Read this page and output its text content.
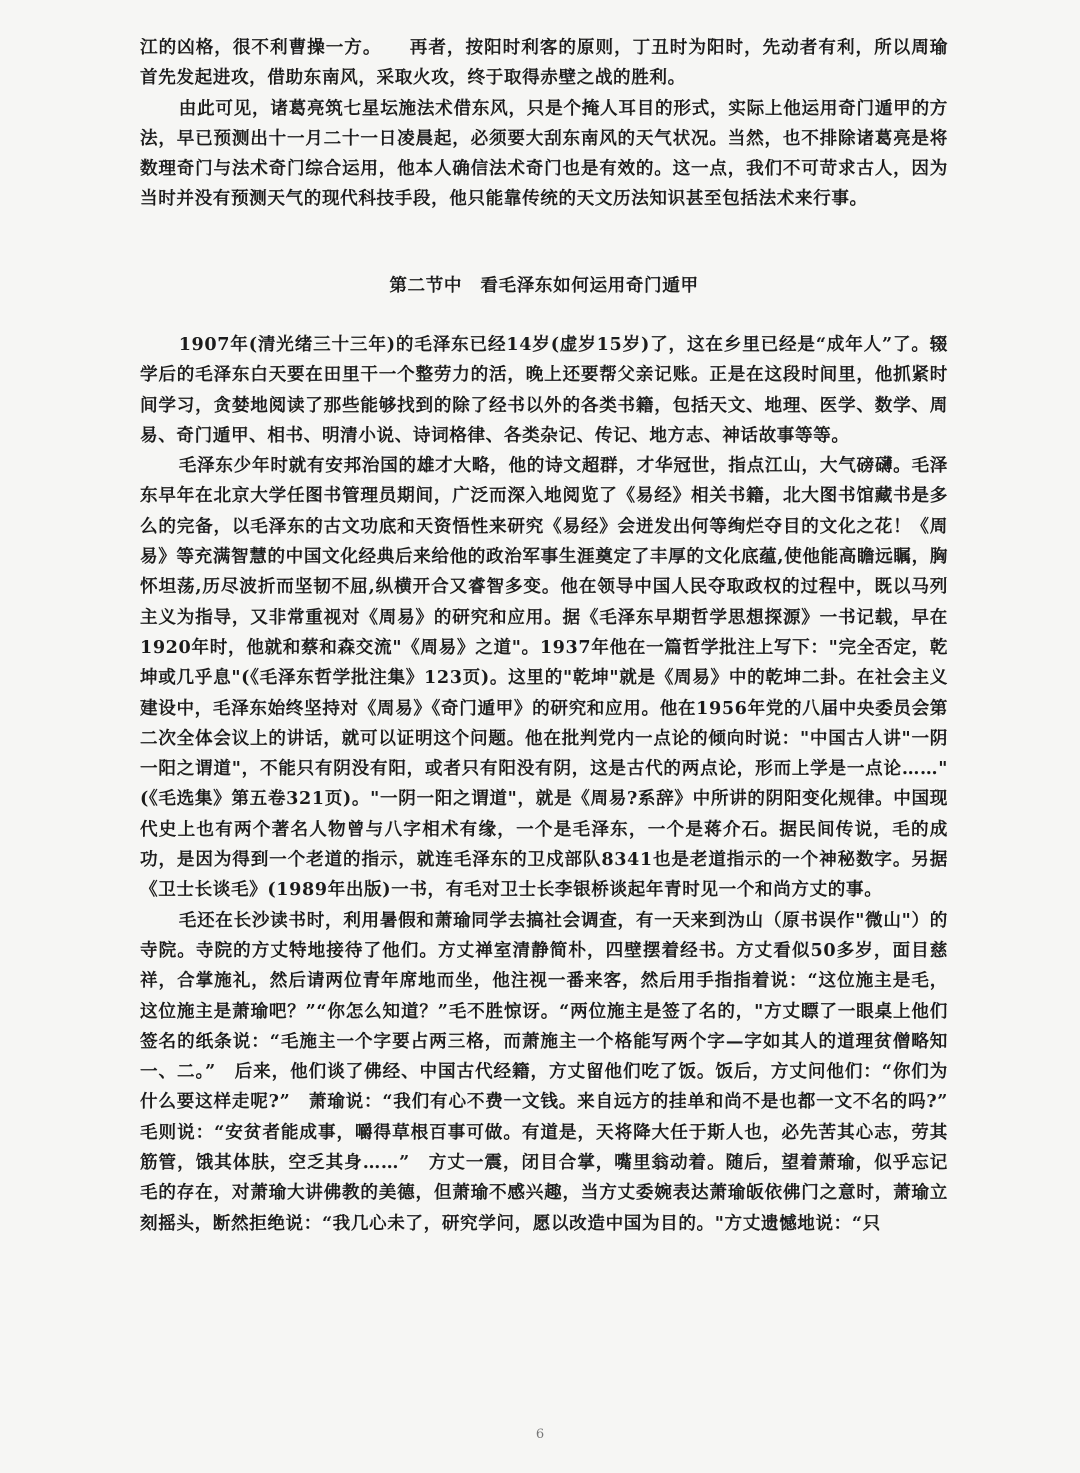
江的凶格，很不利曹操一方。　　再者，按阳时利客的原则，丁丑时为阳时，先动者有利，所以周瑜首先发起进攻，借助东南风，采取火攻，终于取得赤壁之战的胜利。

由此可见，诸葛亮筑七星坛施法术借东风，只是个掩人耳目的形式，实际上他运用奇门遁甲的方法，早已预测出十一月二十一日凌晨起，必须要大刮东南风的天气状况。当然，也不排除诸葛亮是将数理奇门与法术奇门综合运用，他本人确信法术奇门也是有效的。这一点，我们不可苛求古人，因为当时并没有预测天气的现代科技手段，他只能靠传统的天文历法知识甚至包括法术来行事。

第二节中　看毛泽东如何运用奇门遁甲

1907年(清光绪三十三年)的毛泽东已经14岁(虚岁15岁)了，这在乡里已经是“成年人”了。辍学后的毛泽东白天要在田里干一个整劳力的活，晚上还要帮父亲记账。正是在这段时间里，他抓紧时间学习，贪婪地阅读了那些能够找到的除了经书以外的各类书籍，包括天文、地理、医学、数学、周易、奇门遁甲、相书、明清小说、诗词格律、各类杂记、传记、地方志、神话故事等等。

毛泽东少年时就有安邦治国的雄才大略，他的诗文超群，才华冠世，指点江山，大气磅礴。毛泽东早年在北京大学任图书管理员期间，广泛而深入地阅览了《易经》相关书籍，北大图书馆藏书是多么的完备，以毛泽东的古文功底和天资悟性来研究《易经》会迸发出何等绚烂夺目的文化之花！《周易》等充满智慧的中国文化经典后来给他的政治军事生涯奠定了丰厚的文化底蕴,使他能高瞻远瞩，胸怀坦荡,历尽波折而坚韧不屈,纵横开合又睿智多变。他在领导中国人民夺取政权的过程中，既以马列主义为指导，又非常重视对《周易》的研究和应用。据《毛泽东早期哲学思想探源》一书记载，早在1920年时，他就和蔡和森交流"《周易》之道"。1937年他在一篇哲学批注上写下："完全否定，乾坤或几乎息"(《毛泽东哲学批注集》123页)。这里的"乾坤"就是《周易》中的乾坤二卦。在社会主义建设中，毛泽东始终坚持对《周易》《奇门遁甲》的研究和应用。他在1956年党的八届中央委员会第二次全体会议上的讲话，就可以证明这个问题。他在批判党内一点论的倾向时说："中国古人讲"一阴一阳之谓道"，不能只有阴没有阳，或者只有阳没有阴，这是古代的两点论，形而上学是一点论……"(《毛选集》第五卷321页)。"一阴一阳之谓道"，就是《周易?系辞》中所讲的阴阳变化规律。中国现代史上也有两个著名人物曾与八字相术有缘，一个是毛泽东，一个是蒋介石。据民间传说，毛的成功，是因为得到一个老道的指示，就连毛泽东的卫戍部队8341也是老道指示的一个神秘数字。另据《卫士长谈毛》(1989年出版)一书，有毛对卫士长李银桥谈起年青时见一个和尚方丈的事。

毛还在长沙读书时，利用暑假和萧瑜同学去搞社会调查，有一天来到沩山（原书误作"微山"）的寺院。寺院的方丈特地接待了他们。方丈禅室清静简朴，四壁摆着经书。方丈看似50多岁，面目慈祥，合掌施礼，然后请两位青年席地而坐，他注视一番来客，然后用手指指着说：“这位施主是毛，这位施主是萧瑜吧？”“你怎么知道？”毛不胜惊讶。“两位施主是签了名的，"方丈瞟了一眼桌上他们签名的纸条说：“毛施主一个字要占两三格，而萧施主一个格能写两个字—字如其人的道理贫僧略知一、二。”　后来，他们谈了佛经、中国古代经籍，方丈留他们吃了饭。饭后，方丈问他们：“你们为什么要这样走呢?”　萧瑜说：“我们有心不费一文钱。来自远方的挂单和尚不是也都一文不名的吗?”　毛则说：“安贫者能成事，嚼得草根百事可做。有道是，天将降大任于斯人也，必先苦其心志，劳其筋管，饿其体肤，空乏其身……”　方丈一震，闭目合掌，嘴里翁动着。随后，望着萧瑜，似乎忘记毛的存在，对萧瑜大讲佛教的美德，但萧瑜不感兴趣，当方丈委婉表达萧瑜皈依佛门之意时，萧瑜立刻摇头，断然拒绝说：“我几心未了，研究学问，愿以改造中国为目的。"方丈遗憾地说：“只

6
